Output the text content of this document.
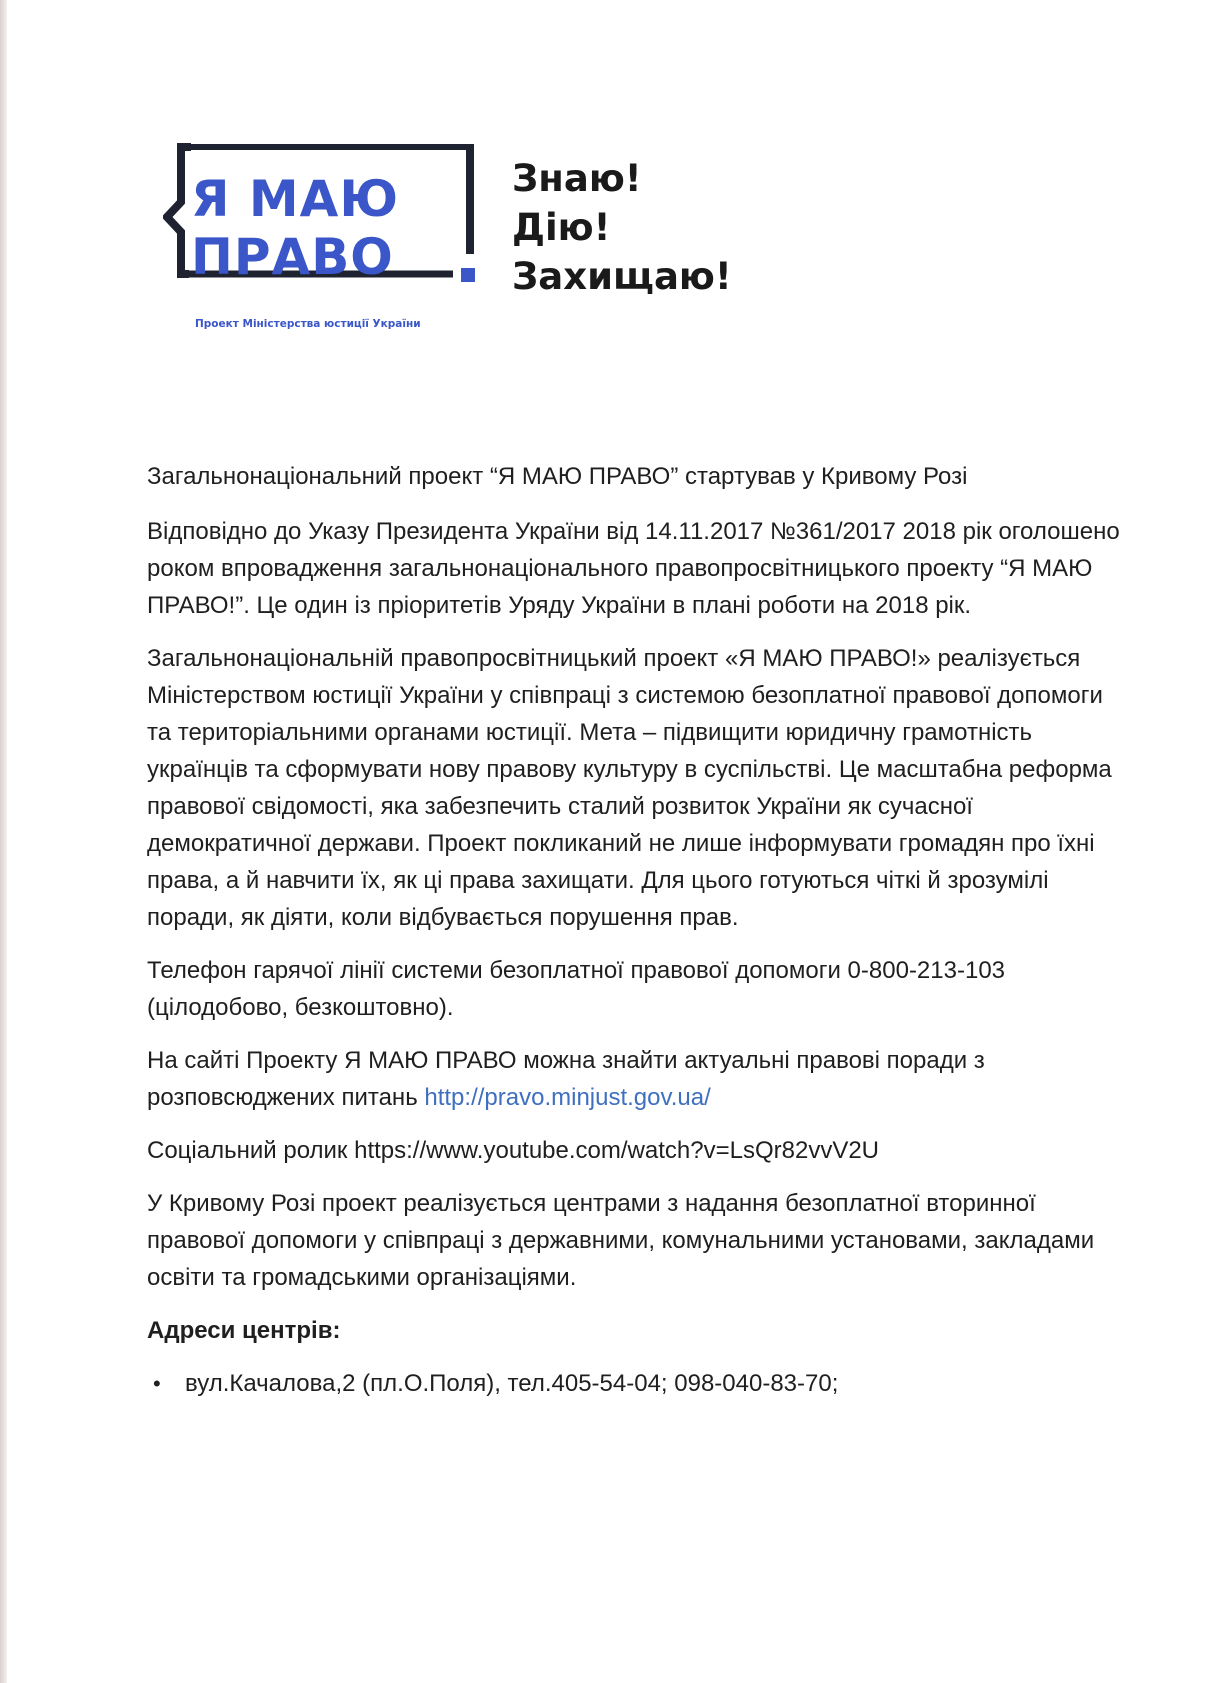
Я МАЮ
ПРАВО
Проект Міністерства юстиції України
Знаю!
Дію!
Захищаю!

Загальнонаціональний проект “Я МАЮ ПРАВО” стартував у Кривому Розі

Відповідно до Указу Президента України від 14.11.2017 №361/2017 2018 рік оголошено роком впровадження загальнонаціонального правопросвітницького проекту “Я МАЮ ПРАВО!”. Це один із пріоритетів Уряду України в плані роботи на 2018 рік.

Загальнонаціональній правопросвітницький проект «Я МАЮ ПРАВО!» реалізується Міністерством юстиції України у співпраці з системою безоплатної правової допомоги та територіальними органами юстиції. Мета – підвищити юридичну грамотність українців та сформувати нову правову культуру в суспільстві. Це масштабна реформа правової свідомості, яка забезпечить сталий розвиток України як сучасної демократичної держави. Проект покликаний не лише інформувати громадян про їхні права, а й навчити їх, як ці права захищати. Для цього готуються чіткі й зрозумілі поради, як діяти, коли відбувається порушення прав.

Телефон гарячої лінії системи безоплатної правової допомоги 0-800-213-103 (цілодобово, безкоштовно).

На сайті Проекту Я МАЮ ПРАВО можна знайти актуальні правові поради з розповсюджених питань http://pravo.minjust.gov.ua/

Соціальний ролик https://www.youtube.com/watch?v=LsQr82vvV2U

У Кривому Розі проект реалізується центрами з надання безоплатної вторинної правової допомоги у співпраці з державними, комунальними установами, закладами освіти та громадськими організаціями.

Адреси центрів:

• вул.Качалова,2 (пл.О.Поля), тел.405-54-04; 098-040-83-70;
